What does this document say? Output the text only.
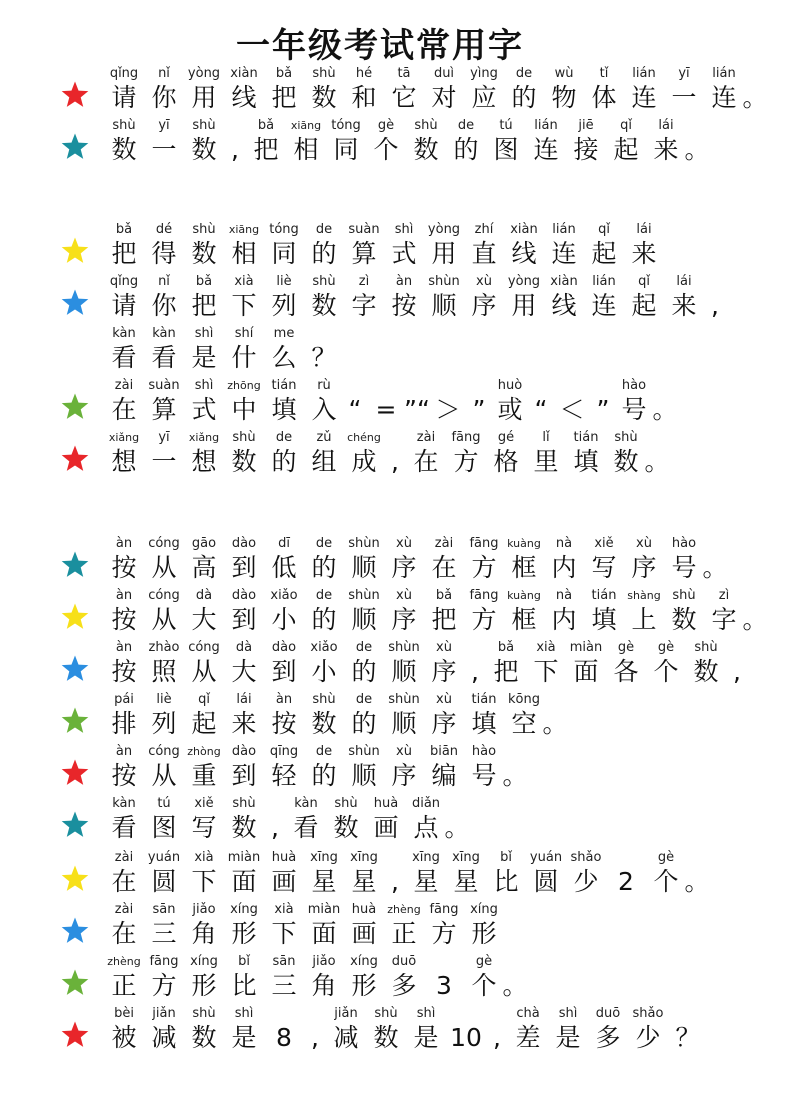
一年级考试常用字
qǐng
请
nǐ
你
yòng
用
xiàn
线
bǎ
把
shù
数
hé
和
tā
它
duì
对
yìng
应
de
的
wù
物
tǐ
体
lián
连
yī
一
lián
连 。
shù
数
yī
一
shù
数 ,
bǎ
把
xiāng
相
tóng
同
gè
个
shù
数
de
的
tú
图
lián
连
jiē
接
qǐ
起
lái
来 。
bǎ
把
dé
得
shù
数
xiāng
相
tóng
同
de
的
suàn
算
shì
式
yòng
用
zhí
直
xiàn
线
lián
连
qǐ
起
lái
来
qǐng
请
nǐ
你
bǎ
把
xià
下
liè
列
shù
数
zì
字
àn
按
shùn
顺
xù
序
yòng
用
xiàn
线
lián
连
qǐ
起
lái
来 ,
kàn
看
kàn
看
shì
是
shí
什
me
么 ？
zài
在
suàn
算
shì
式
zhōng
中
tián
填
rù
入 “ = ”“ ＞ ”
huò
或 “ ＜ ”
hào
号 。
xiǎng
想
yī
一
xiǎng
想
shù
数
de
的
zǔ
组
chéng
成 ,
zài
在
fāng
方
gé
格
lǐ
里
tián
填
shù
数 。
àn
按
cóng
从
gāo
高
dào
到
dī
低
de
的
shùn
顺
xù
序
zài
在
fāng
方
kuàng
框
nà
内
xiě
写
xù
序
hào
号 。
àn
按
cóng
从
dà
大
dào
到
xiǎo
小
de
的
shùn
顺
xù
序
bǎ
把
fāng
方
kuàng
框
nà
内
tián
填
shàng
上
shù
数
zì
字 。
àn
按
zhào
照
cóng
从
dà
大
dào
到
xiǎo
小
de
的
shùn
顺
xù
序 ,
bǎ
把
xià
下
miàn
面
gè
各
gè
个
shù
数 ,
pái
排
liè
列
qǐ
起
lái
来
àn
按
shù
数
de
的
shùn
顺
xù
序
tián
填
kōng
空 。
àn
按
cóng
从
zhòng
重
dào
到
qīng
轻
de
的
shùn
顺
xù
序
biān
编
hào
号 。
kàn
看
tú
图
xiě
写
shù
数 ,
kàn
看
shù
数
huà
画
diǎn
点 。
zài
在
yuán
圆
xià
下
miàn
面
huà
画
xīng
星
xīng
星 ,
xīng
星
xīng
星
bǐ
比
yuán
圆
shǎo
少 2
gè
个 。
zài
在
sān
三
jiǎo
角
xíng
形
xià
下
miàn
面
huà
画
zhèng
正
fāng
方
xíng
形
zhèng
正
fāng
方
xíng
形
bǐ
比
sān
三
jiǎo
角
xíng
形
duō
多 3
gè
个 。
bèi
被
jiǎn
减
shù
数
shì
是 8 ,
jiǎn
减
shù
数
shì
是 10 ,
chà
差
shì
是
duō
多
shǎo
少 ？
